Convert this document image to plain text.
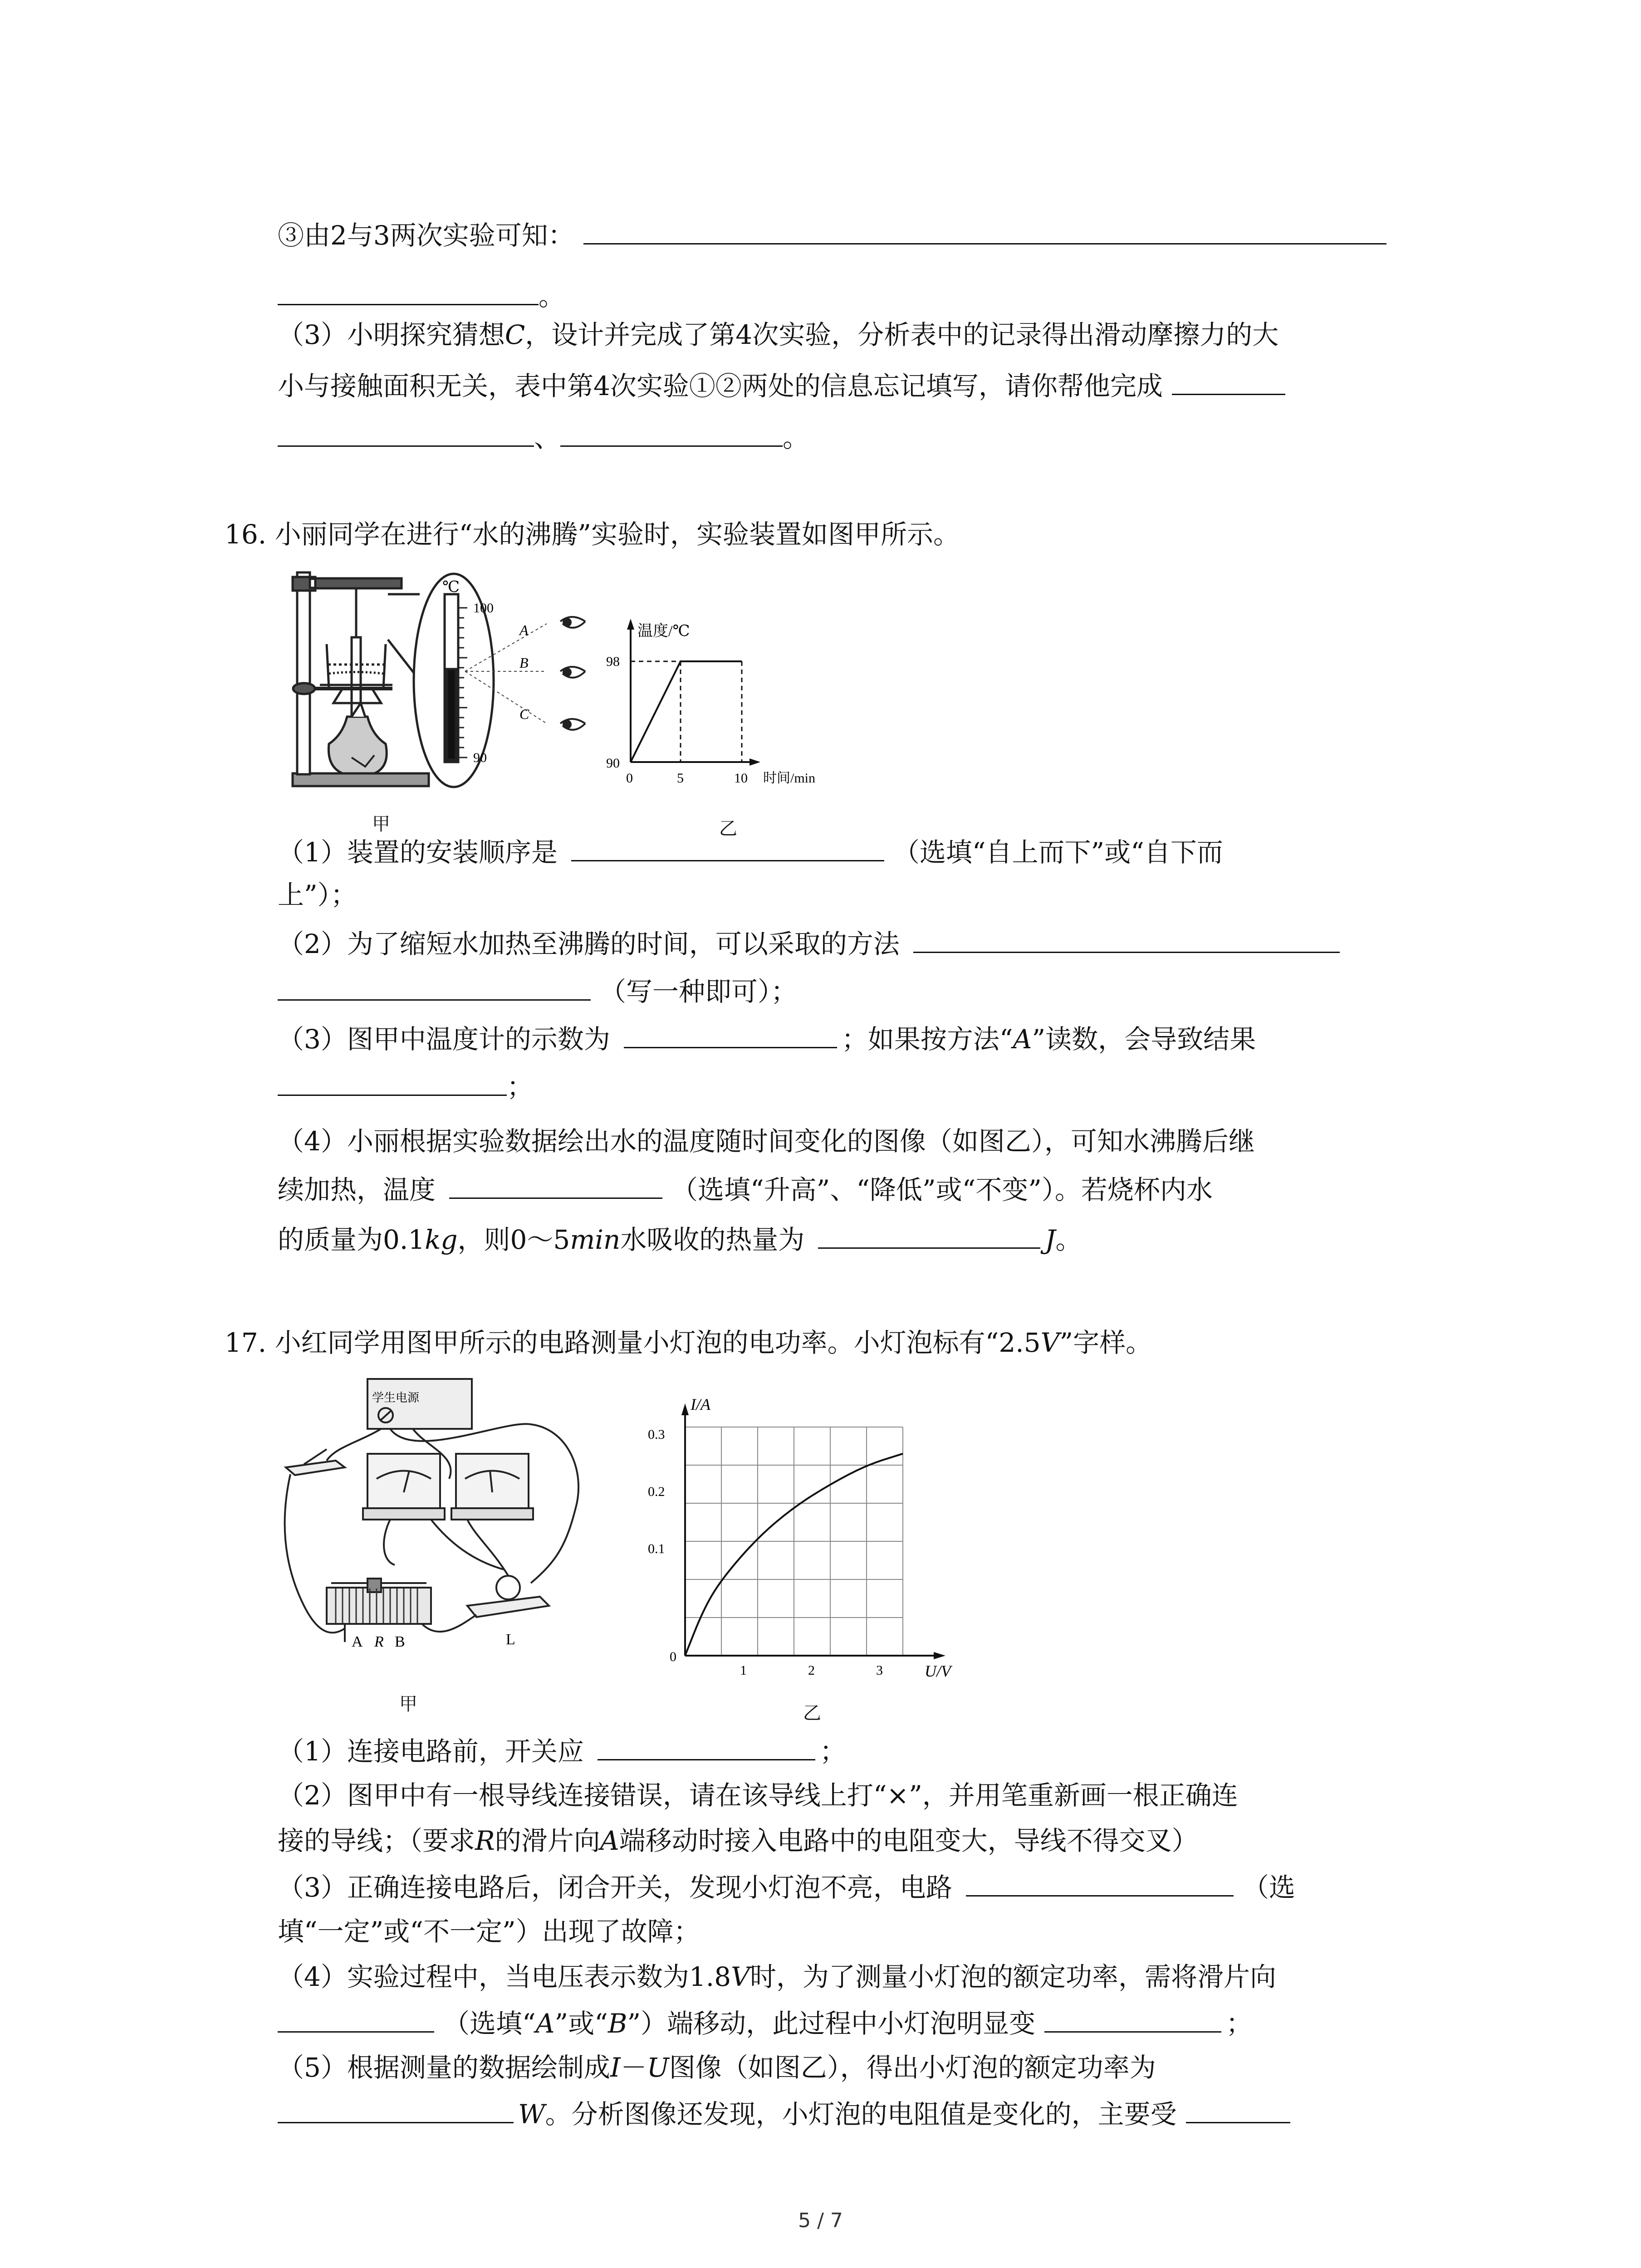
③由2与3两次实验可知：
。
（3）小明探究猜想C，设计并完成了第4次实验，分析表中的记录得出滑动摩擦力的大
小与接触面积无关，表中第4次实验①②两处的信息忘记填写，请你帮他完成
、	。
16. 小丽同学在进行“水的沸腾”实验时，实验装置如图甲所示。
℃
100
90
A
B
C
甲
温度/℃
98
90
0	5	10 时间/min
乙
（1）装置的安装顺序是	（选填“自上而下”或“自下而
上”）；
（2）为了缩短水加热至沸腾的时间，可以采取的方法
（写一种即可）；
（3）图甲中温度计的示数为	；如果按方法“A”读数，会导致结果
；
（4）小丽根据实验数据绘出水的温度随时间变化的图像（如图乙），可知水沸腾后继
续加热，温度	（选填“升高”、“降低”或“不变”）。若烧杯内水
的质量为0.1kg，则0～5min水吸收的热量为	J。
17. 小红同学用图甲所示的电路测量小灯泡的电功率。小灯泡标有“2.5V”字样。
学生电源
A R B	L
甲
I/A
0.3
0.2
0.1
0
1	2	3	U/V
乙
（1）连接电路前，开关应	；
（2）图甲中有一根导线连接错误，请在该导线上打“×”，并用笔重新画一根正确连
接的导线；（要求R的滑片向A端移动时接入电路中的电阻变大，导线不得交叉）
（3）正确连接电路后，闭合开关，发现小灯泡不亮，电路	（选
填“一定”或“不一定”）出现了故障；
（4）实验过程中，当电压表示数为1.8V时，为了测量小灯泡的额定功率，需将滑片向
（选填“A”或“B”）端移动，此过程中小灯泡明显变	；
（5）根据测量的数据绘制成I－U图像（如图乙），得出小灯泡的额定功率为
W。分析图像还发现，小灯泡的电阻值是变化的，主要受
5 / 7
